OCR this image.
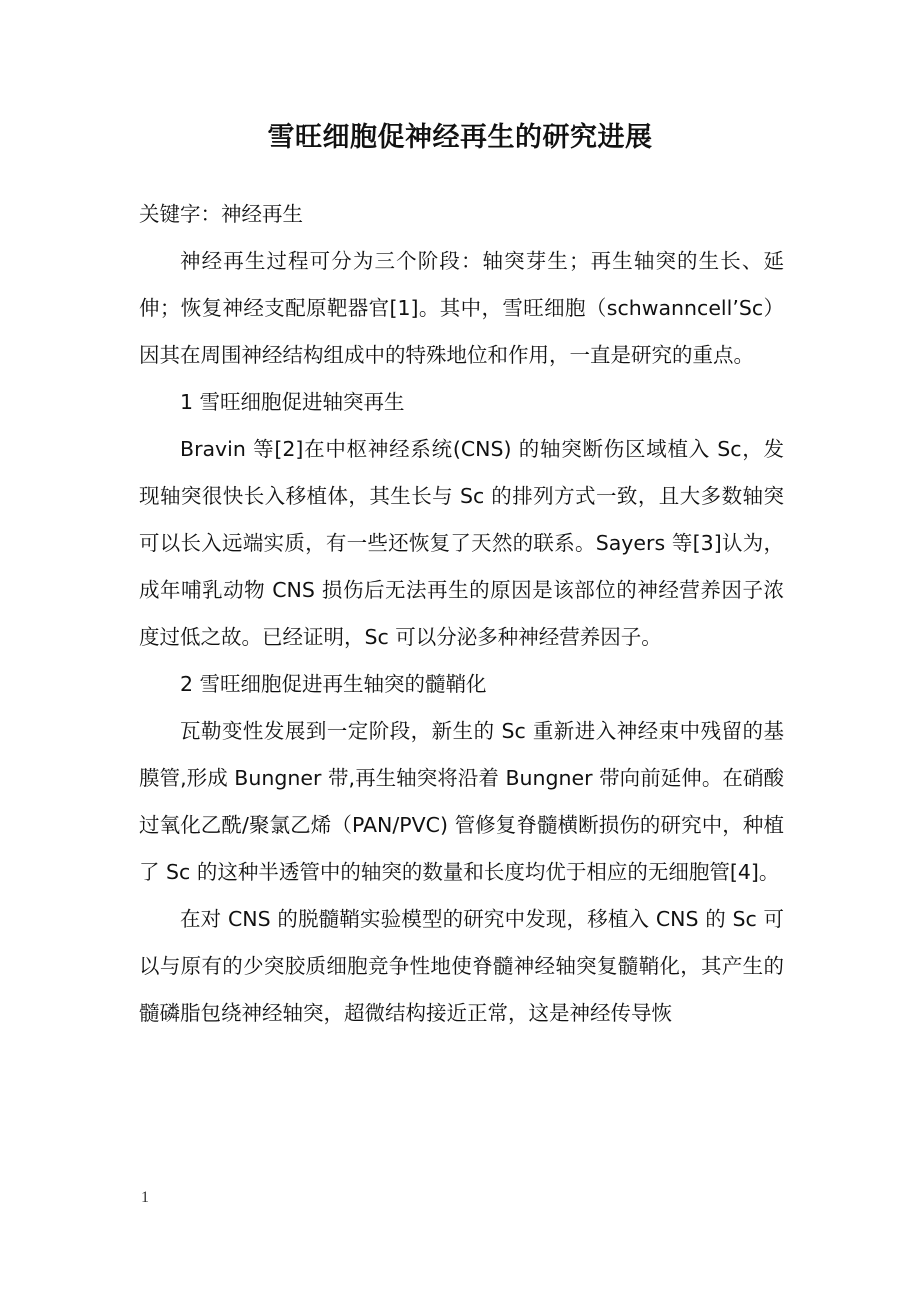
雪旺细胞促神经再生的研究进展

关键字：神经再生

神经再生过程可分为三个阶段：轴突芽生；再生轴突的生长、延伸；恢复神经支配原靶器官[1]。其中，雪旺细胞（schwanncell’Sc）因其在周围神经结构组成中的特殊地位和作用，一直是研究的重点。

1 雪旺细胞促进轴突再生

Bravin 等[2]在中枢神经系统(CNS) 的轴突断伤区域植入 Sc，发现轴突很快长入移植体，其生长与 Sc 的排列方式一致，且大多数轴突可以长入远端实质，有一些还恢复了天然的联系。Sayers 等[3]认为，成年哺乳动物 CNS 损伤后无法再生的原因是该部位的神经营养因子浓度过低之故。已经证明，Sc 可以分泌多种神经营养因子。

2 雪旺细胞促进再生轴突的髓鞘化

瓦勒变性发展到一定阶段，新生的 Sc 重新进入神经束中残留的基膜管,形成 Bungner 带,再生轴突将沿着 Bungner 带向前延伸。在硝酸过氧化乙酰/聚氯乙烯（PAN/PVC) 管修复脊髓横断损伤的研究中，种植了 Sc 的这种半透管中的轴突的数量和长度均优于相应的无细胞管[4]。

在对 CNS 的脱髓鞘实验模型的研究中发现，移植入 CNS 的 Sc 可以与原有的少突胶质细胞竞争性地使脊髓神经轴突复髓鞘化，其产生的髓磷脂包绕神经轴突，超微结构接近正常，这是神经传导恢

1
